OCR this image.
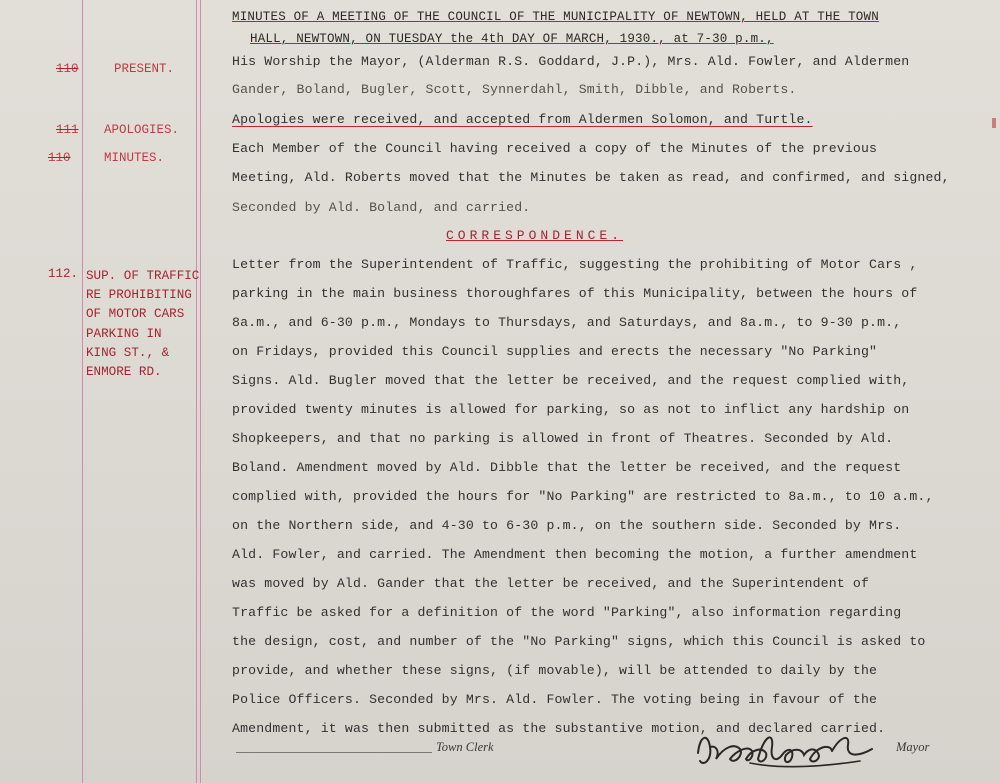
MINUTES OF A MEETING OF THE COUNCIL OF THE MUNICIPALITY OF NEWTOWN, HELD AT THE TOWN
HALL, NEWTOWN, ON TUESDAY the 4th DAY OF MARCH, 1930., at 7-30 p.m.,
110	PRESENT.
111 APOLOGIES.
110	MINUTES.
112. SUP. OF TRAFFIC
RE PROHIBITING
OF MOTOR CARS
PARKING IN
KING ST., &
ENMORE RD.
His Worship the Mayor, (Alderman R.S. Goddard, J.P.), Mrs. Ald. Fowler, and Aldermen
Gander, Boland, Bugler, Scott, Synnerdahl, Smith, Dibble, and Roberts.
Apologies were received, and accepted from Aldermen Solomon, and Turtle.
Each Member of the Council having received a copy of the Minutes of the previous
Meeting, Ald. Roberts moved that the Minutes be taken as read, and confirmed, and signed,
Seconded by Ald. Boland, and carried.
CORRESPONDENCE.
Letter from the Superintendent of Traffic, suggesting the prohibiting of Motor Cars ,
parking in the main business thoroughfares of this Municipality, between the hours of
8a.m., and 6-30 p.m., Mondays to Thursdays, and Saturdays, and 8a.m., to 9-30 p.m.,
on Fridays, provided this Council supplies and erects the necessary "No Parking"
Signs. Ald. Bugler moved that the letter be received, and the request complied with,
provided twenty minutes is allowed for parking, so as not to inflict any hardship on
Shopkeepers, and that no parking is allowed in front of Theatres. Seconded by Ald.
Boland. Amendment moved by Ald. Dibble that the letter be received, and the request
complied with, provided the hours for "No Parking" are restricted to 8a.m., to 10 a.m.,
on the Northern side, and 4-30 to 6-30 p.m., on the southern side. Seconded by Mrs.
Ald. Fowler, and carried. The Amendment then becoming the motion, a further amendment
was moved by Ald. Gander that the letter be received, and the Superintendent of
Traffic be asked for a definition of the word "Parking", also information regarding
the design, cost, and number of the "No Parking" signs, which this Council is asked to
provide, and whether these signs, (if movable), will be attended to daily by the
Police Officers. Seconded by Mrs. Ald. Fowler. The voting being in favour of the
Amendment, it was then submitted as the substantive motion, and declared carried.
Town Clerk	Mayor
